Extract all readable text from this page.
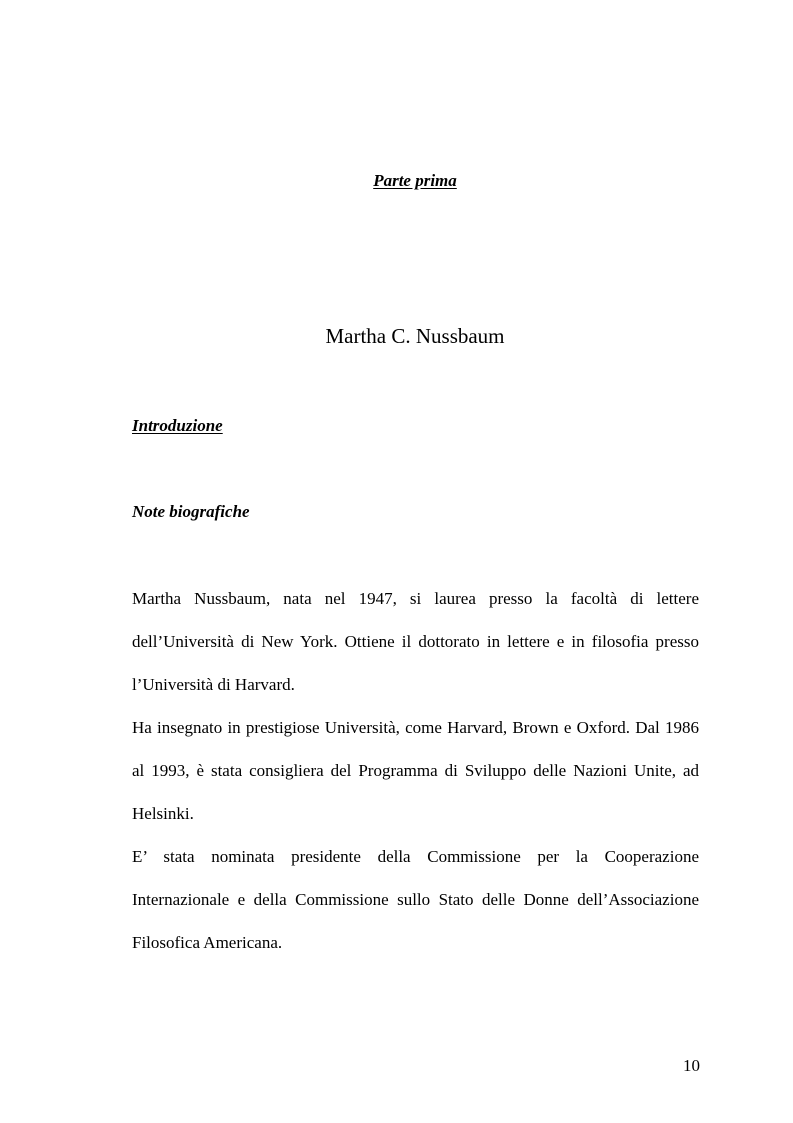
Parte prima
Martha C. Nussbaum
Introduzione
Note biografiche

Martha Nussbaum, nata nel 1947, si laurea presso la facoltà di lettere dell’Università di New York. Ottiene il dottorato in lettere e in filosofia presso l’Università di Harvard.

Ha insegnato in prestigiose Università, come Harvard, Brown e Oxford. Dal 1986 al 1993, è stata consigliera del Programma di Sviluppo delle Nazioni Unite, ad Helsinki.

E’ stata nominata presidente della Commissione per la Cooperazione Internazionale e della Commissione sullo Stato delle Donne dell’Associazione Filosofica Americana.

10
